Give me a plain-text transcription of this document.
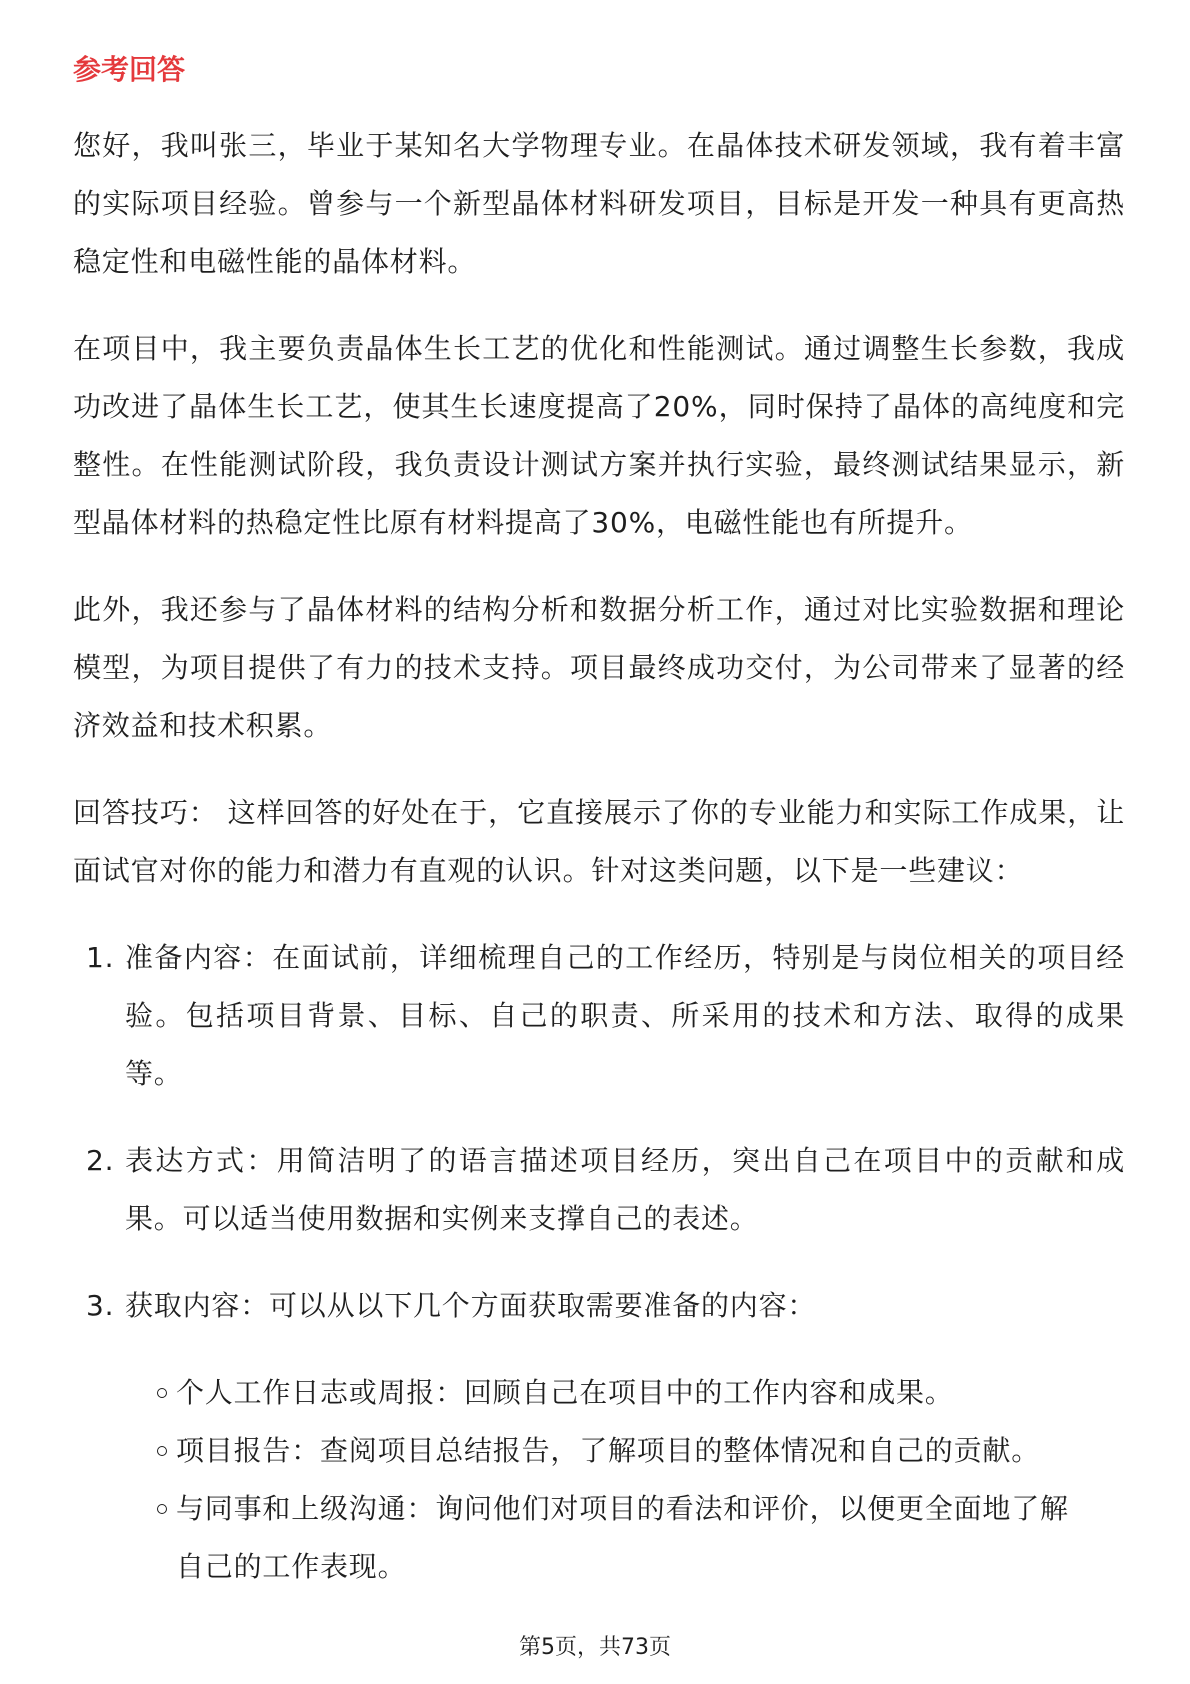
参考回答

您好，我叫张三，毕业于某知名大学物理专业。在晶体技术研发领域，我有着丰富的实际项目经验。曾参与一个新型晶体材料研发项目，目标是开发一种具有更高热稳定性和电磁性能的晶体材料。

在项目中，我主要负责晶体生长工艺的优化和性能测试。通过调整生长参数，我成功改进了晶体生长工艺，使其生长速度提高了20%，同时保持了晶体的高纯度和完整性。在性能测试阶段，我负责设计测试方案并执行实验，最终测试结果显示，新型晶体材料的热稳定性比原有材料提高了30%，电磁性能也有所提升。

此外，我还参与了晶体材料的结构分析和数据分析工作，通过对比实验数据和理论模型，为项目提供了有力的技术支持。项目最终成功交付，为公司带来了显著的经济效益和技术积累。

回答技巧： 这样回答的好处在于，它直接展示了你的专业能力和实际工作成果，让面试官对你的能力和潜力有直观的认识。针对这类问题，以下是一些建议：

1. 准备内容：在面试前，详细梳理自己的工作经历，特别是与岗位相关的项目经验。包括项目背景、目标、自己的职责、所采用的技术和方法、取得的成果等。
2. 表达方式：用简洁明了的语言描述项目经历，突出自己在项目中的贡献和成果。可以适当使用数据和实例来支撑自己的表述。
3. 获取内容：可以从以下几个方面获取需要准备的内容：
个人工作日志或周报：回顾自己在项目中的工作内容和成果。
项目报告：查阅项目总结报告，了解项目的整体情况和自己的贡献。
与同事和上级沟通：询问他们对项目的看法和评价，以便更全面地了解自己的工作表现。
第5页，共73页
